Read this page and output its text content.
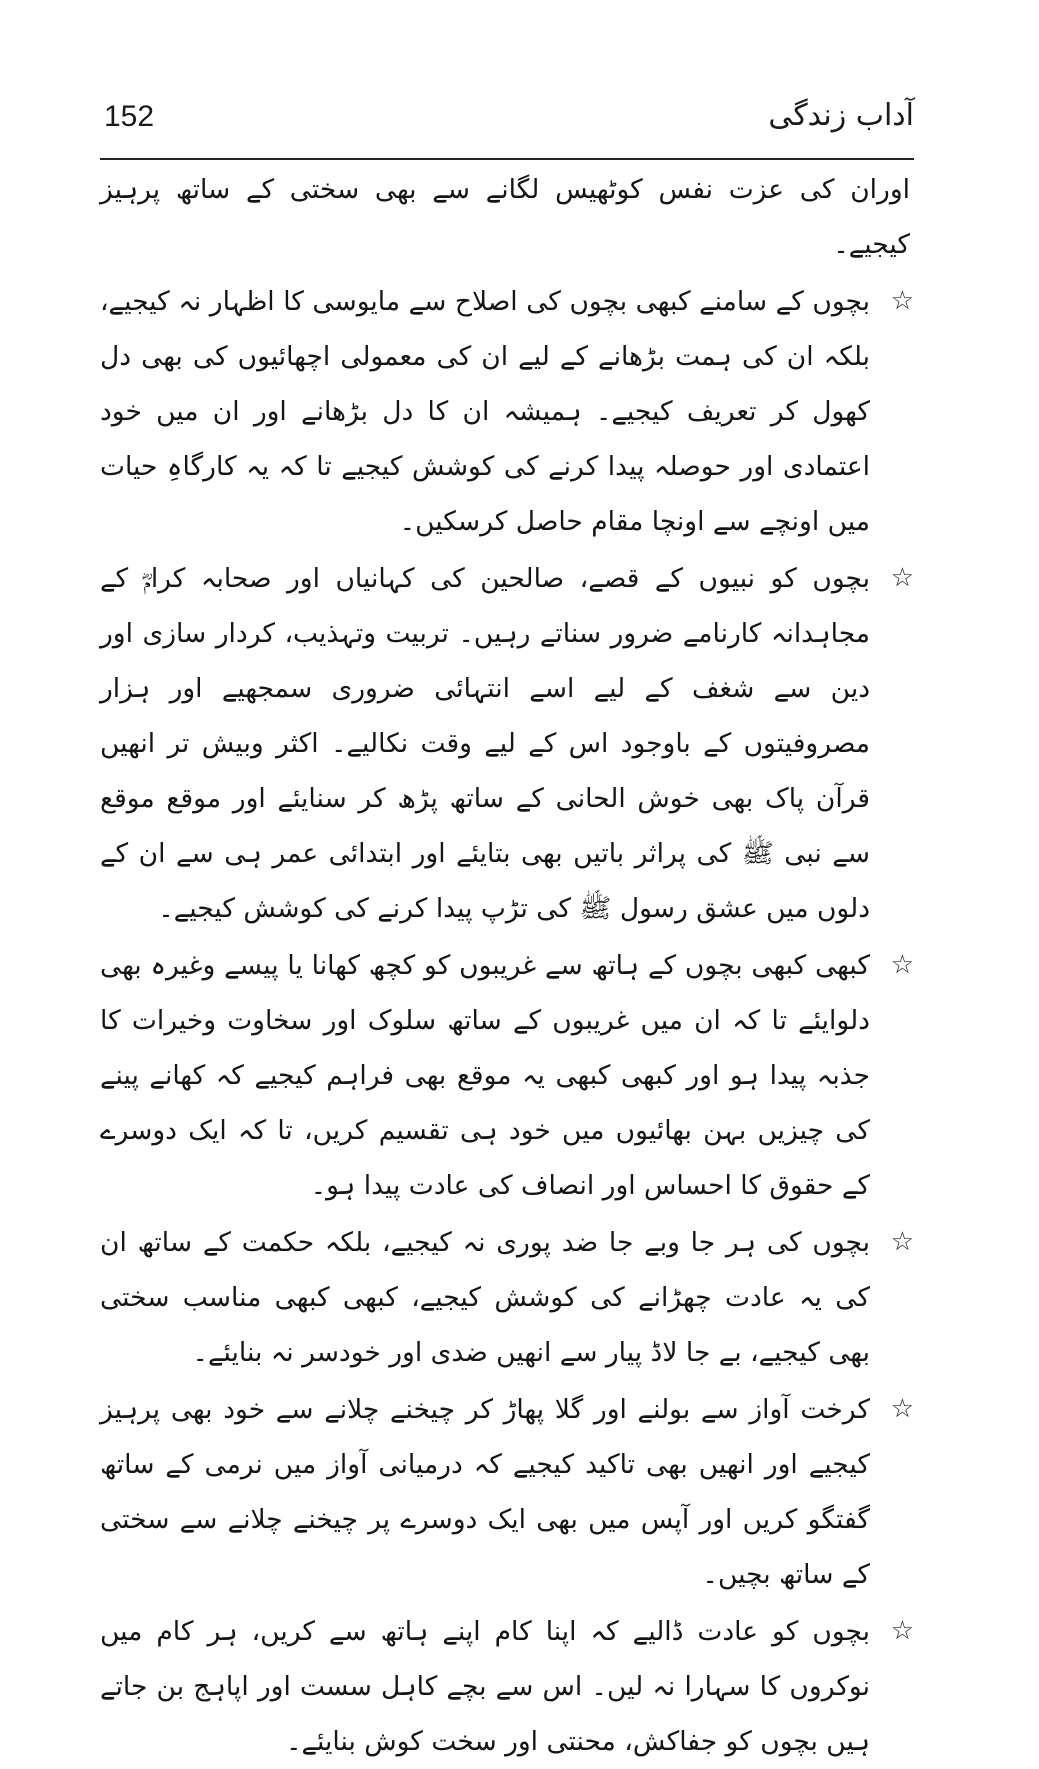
152	آداب زندگی

اوران کی عزت نفس کوٹھیس لگانے سے بھی سختی کے ساتھ پرہیز کیجیے۔

☆
بچوں کے سامنے کبھی بچوں کی اصلاح سے مایوسی کا اظہار نہ کیجیے، بلکہ ان کی ہمت بڑھانے کے لیے ان کی معمولی اچھائیوں کی بھی دل کھول کر تعریف کیجیے۔ ہمیشہ ان کا دل بڑھانے اور ان میں خود اعتمادی اور حوصلہ پیدا کرنے کی کوشش کیجیے تا کہ یہ کارگاہِ حیات میں اونچے سے اونچا مقام حاصل کرسکیں۔
☆
بچوں کو نبیوں کے قصے، صالحین کی کہانیاں اور صحابہ کرامؓ کے مجاہدانہ کارنامے ضرور سناتے رہیں۔ تربیت وتہذیب، کردار سازی اور دین سے شغف کے لیے اسے انتہائی ضروری سمجھیے اور ہزار مصروفیتوں کے باوجود اس کے لیے وقت نکالیے۔ اکثر وبیش تر انھیں قرآن پاک بھی خوش الحانی کے ساتھ پڑھ کر سنایئے اور موقع موقع سے نبی ﷺ کی پراثر باتیں بھی بتایئے اور ابتدائی عمر ہی سے ان کے دلوں میں عشق رسول ﷺ کی تڑپ پیدا کرنے کی کوشش کیجیے۔
☆
کبھی کبھی بچوں کے ہاتھ سے غریبوں کو کچھ کھانا یا پیسے وغیرہ بھی دلوایئے تا کہ ان میں غریبوں کے ساتھ سلوک اور سخاوت وخیرات کا جذبہ پیدا ہو اور کبھی کبھی یہ موقع بھی فراہم کیجیے کہ کھانے پینے کی چیزیں بہن بھائیوں میں خود ہی تقسیم کریں، تا کہ ایک دوسرے کے حقوق کا احساس اور انصاف کی عادت پیدا ہو۔
☆
بچوں کی ہر جا وبے جا ضد پوری نہ کیجیے، بلکہ حکمت کے ساتھ ان کی یہ عادت چھڑانے کی کوشش کیجیے، کبھی کبھی مناسب سختی بھی کیجیے، بے جا لاڈ پیار سے انھیں ضدی اور خودسر نہ بنایئے۔
☆
کرخت آواز سے بولنے اور گلا پھاڑ کر چیخنے چلانے سے خود بھی پرہیز کیجیے اور انھیں بھی تاکید کیجیے کہ درمیانی آواز میں نرمی کے ساتھ گفتگو کریں اور آپس میں بھی ایک دوسرے پر چیخنے چلانے سے سختی کے ساتھ بچیں۔
☆
بچوں کو عادت ڈالیے کہ اپنا کام اپنے ہاتھ سے کریں، ہر کام میں نوکروں کا سہارا نہ لیں۔ اس سے بچے کاہل سست اور اپاہج بن جاتے ہیں بچوں کو جفاکش، محنتی اور سخت کوش بنایئے۔
